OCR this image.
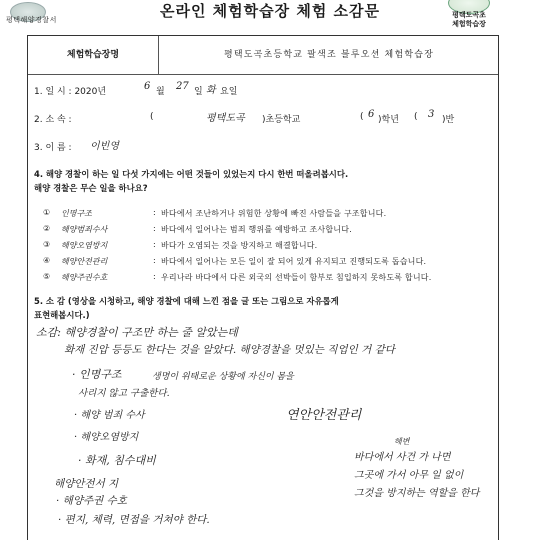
평택해양경찰서	온라인 체험학습장 체험 소감문	평택도곡초
체험학습장
체험학습장명	평택도곡초등학교 팔색조 블루오션 체험학습장
1. 일 시 : 2020년	6 월 27 일 화 요일
2. 소 속 :	(	평택도곡 )초등학교	( 6 )학년 ( 3 )반
3. 이 름 : 이빈영
4. 해양 경찰이 하는 일 다섯 가지에는 어떤 것들이 있었는지 다시 한번 떠올려봅시다.
해양 경찰은 무슨 일을 하나요?
① 인명구조	: 바다에서 조난하거나 위험한 상황에 빠진 사람들을 구조합니다.
② 해양범죄수사	: 바다에서 일어나는 범죄 행위를 예방하고 조사합니다.
③ 해양오염방지	: 바다가 오염되는 것을 방지하고 해결합니다.
④ 해양안전관리	: 바다에서 일어나는 모든 일이 잘 되어 있게 유지되고 진행되도록 돕습니다.
⑤ 해양주권수호	: 우리나라 바다에서 다른 외국의 선박들이 함부로 침입하지 못하도록 합니다.
5. 소 감 (영상을 시청하고, 해양 경찰에 대해 느낀 점을 글 또는 그림으로 자유롭게
표현해봅시다.)
소감: 해양경찰이 구조만 하는 줄 알았는데
화재 진압 등등도 한다는 것을 알았다. 해양경찰을 멋있는 직업인 거 같다
· 인명구조	생명이 위태로운 상황에 자신이 몸을
사리지 않고 구출한다.
· 해양 범죄 수사
· 해양오염방지
연안안전관리
· 화재, 침수대비
해양안전서 지
· 해양주권 수호
· 편지, 체력, 면접을 거쳐야 한다.
해변
바다에서 사건 가 나면
그곳에 가서 아무 일 없이
그것을 방지하는 역할을 한다
